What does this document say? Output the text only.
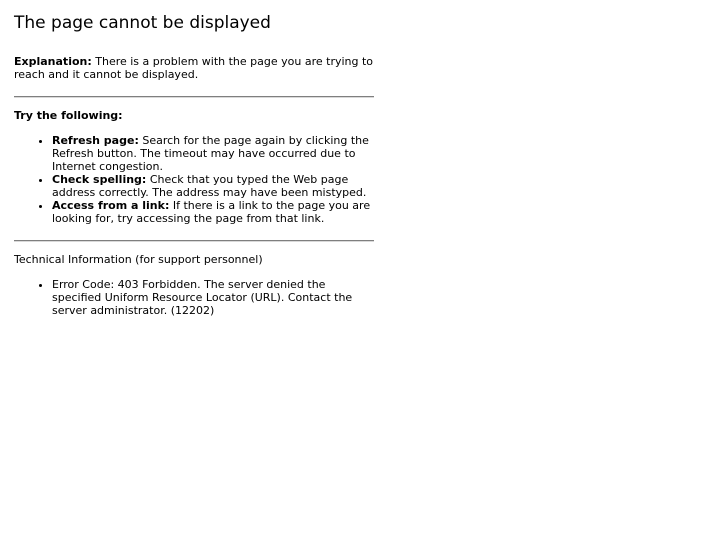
The page cannot be displayed

Explanation: There is a problem with the page you are trying to reach and it cannot be displayed.

Try the following:

• Refresh page: Search for the page again by clicking the Refresh button. The timeout may have occurred due to Internet congestion.
• Check spelling: Check that you typed the Web page address correctly. The address may have been mistyped.
• Access from a link: If there is a link to the page you are looking for, try accessing the page from that link.

Technical Information (for support personnel)

• Error Code: 403 Forbidden. The server denied the specified Uniform Resource Locator (URL). Contact the server administrator. (12202)
